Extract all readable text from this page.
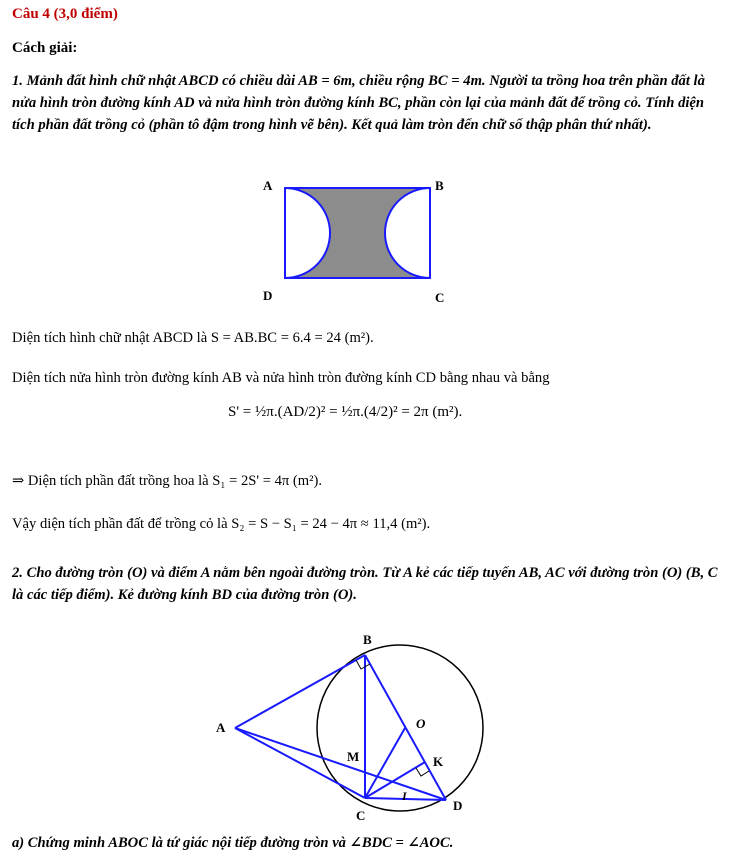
Câu 4 (3,0 điểm)
Cách giải:
1. Mảnh đất hình chữ nhật ABCD có chiều dài AB = 6m, chiều rộng BC = 4m. Người ta trồng hoa trên phần đất là nửa hình tròn đường kính AD và nửa hình tròn đường kính BC, phần còn lại của mảnh đất để trồng cỏ. Tính diện tích phần đất trồng cỏ (phần tô đậm trong hình vẽ bên). Kết quả làm tròn đến chữ số thập phân thứ nhất).
A	B
D	C
Diện tích hình chữ nhật ABCD là S = AB.BC = 6.4 = 24 (m²).
Diện tích nửa hình tròn đường kính AB và nửa hình tròn đường kính CD bằng nhau và bằng
S' = ½π.(AD/2)² = ½π.(4/2)² = 2π (m²).
⇒ Diện tích phần đất trồng hoa là S₁ = 2S' = 4π (m²).
Vậy diện tích phần đất để trồng cỏ là S₂ = S − S₁ = 24 − 4π ≈ 11,4 (m²).
2. Cho đường tròn (O) và điểm A nằm bên ngoài đường tròn. Từ A kẻ các tiếp tuyến AB, AC với đường tròn (O) (B, C là các tiếp điểm). Kẻ đường kính BD của đường tròn (O).
A
B
O
M	K
I
C
D
a) Chứng minh ABOC là tứ giác nội tiếp đường tròn và ∠BDC = ∠AOC.
